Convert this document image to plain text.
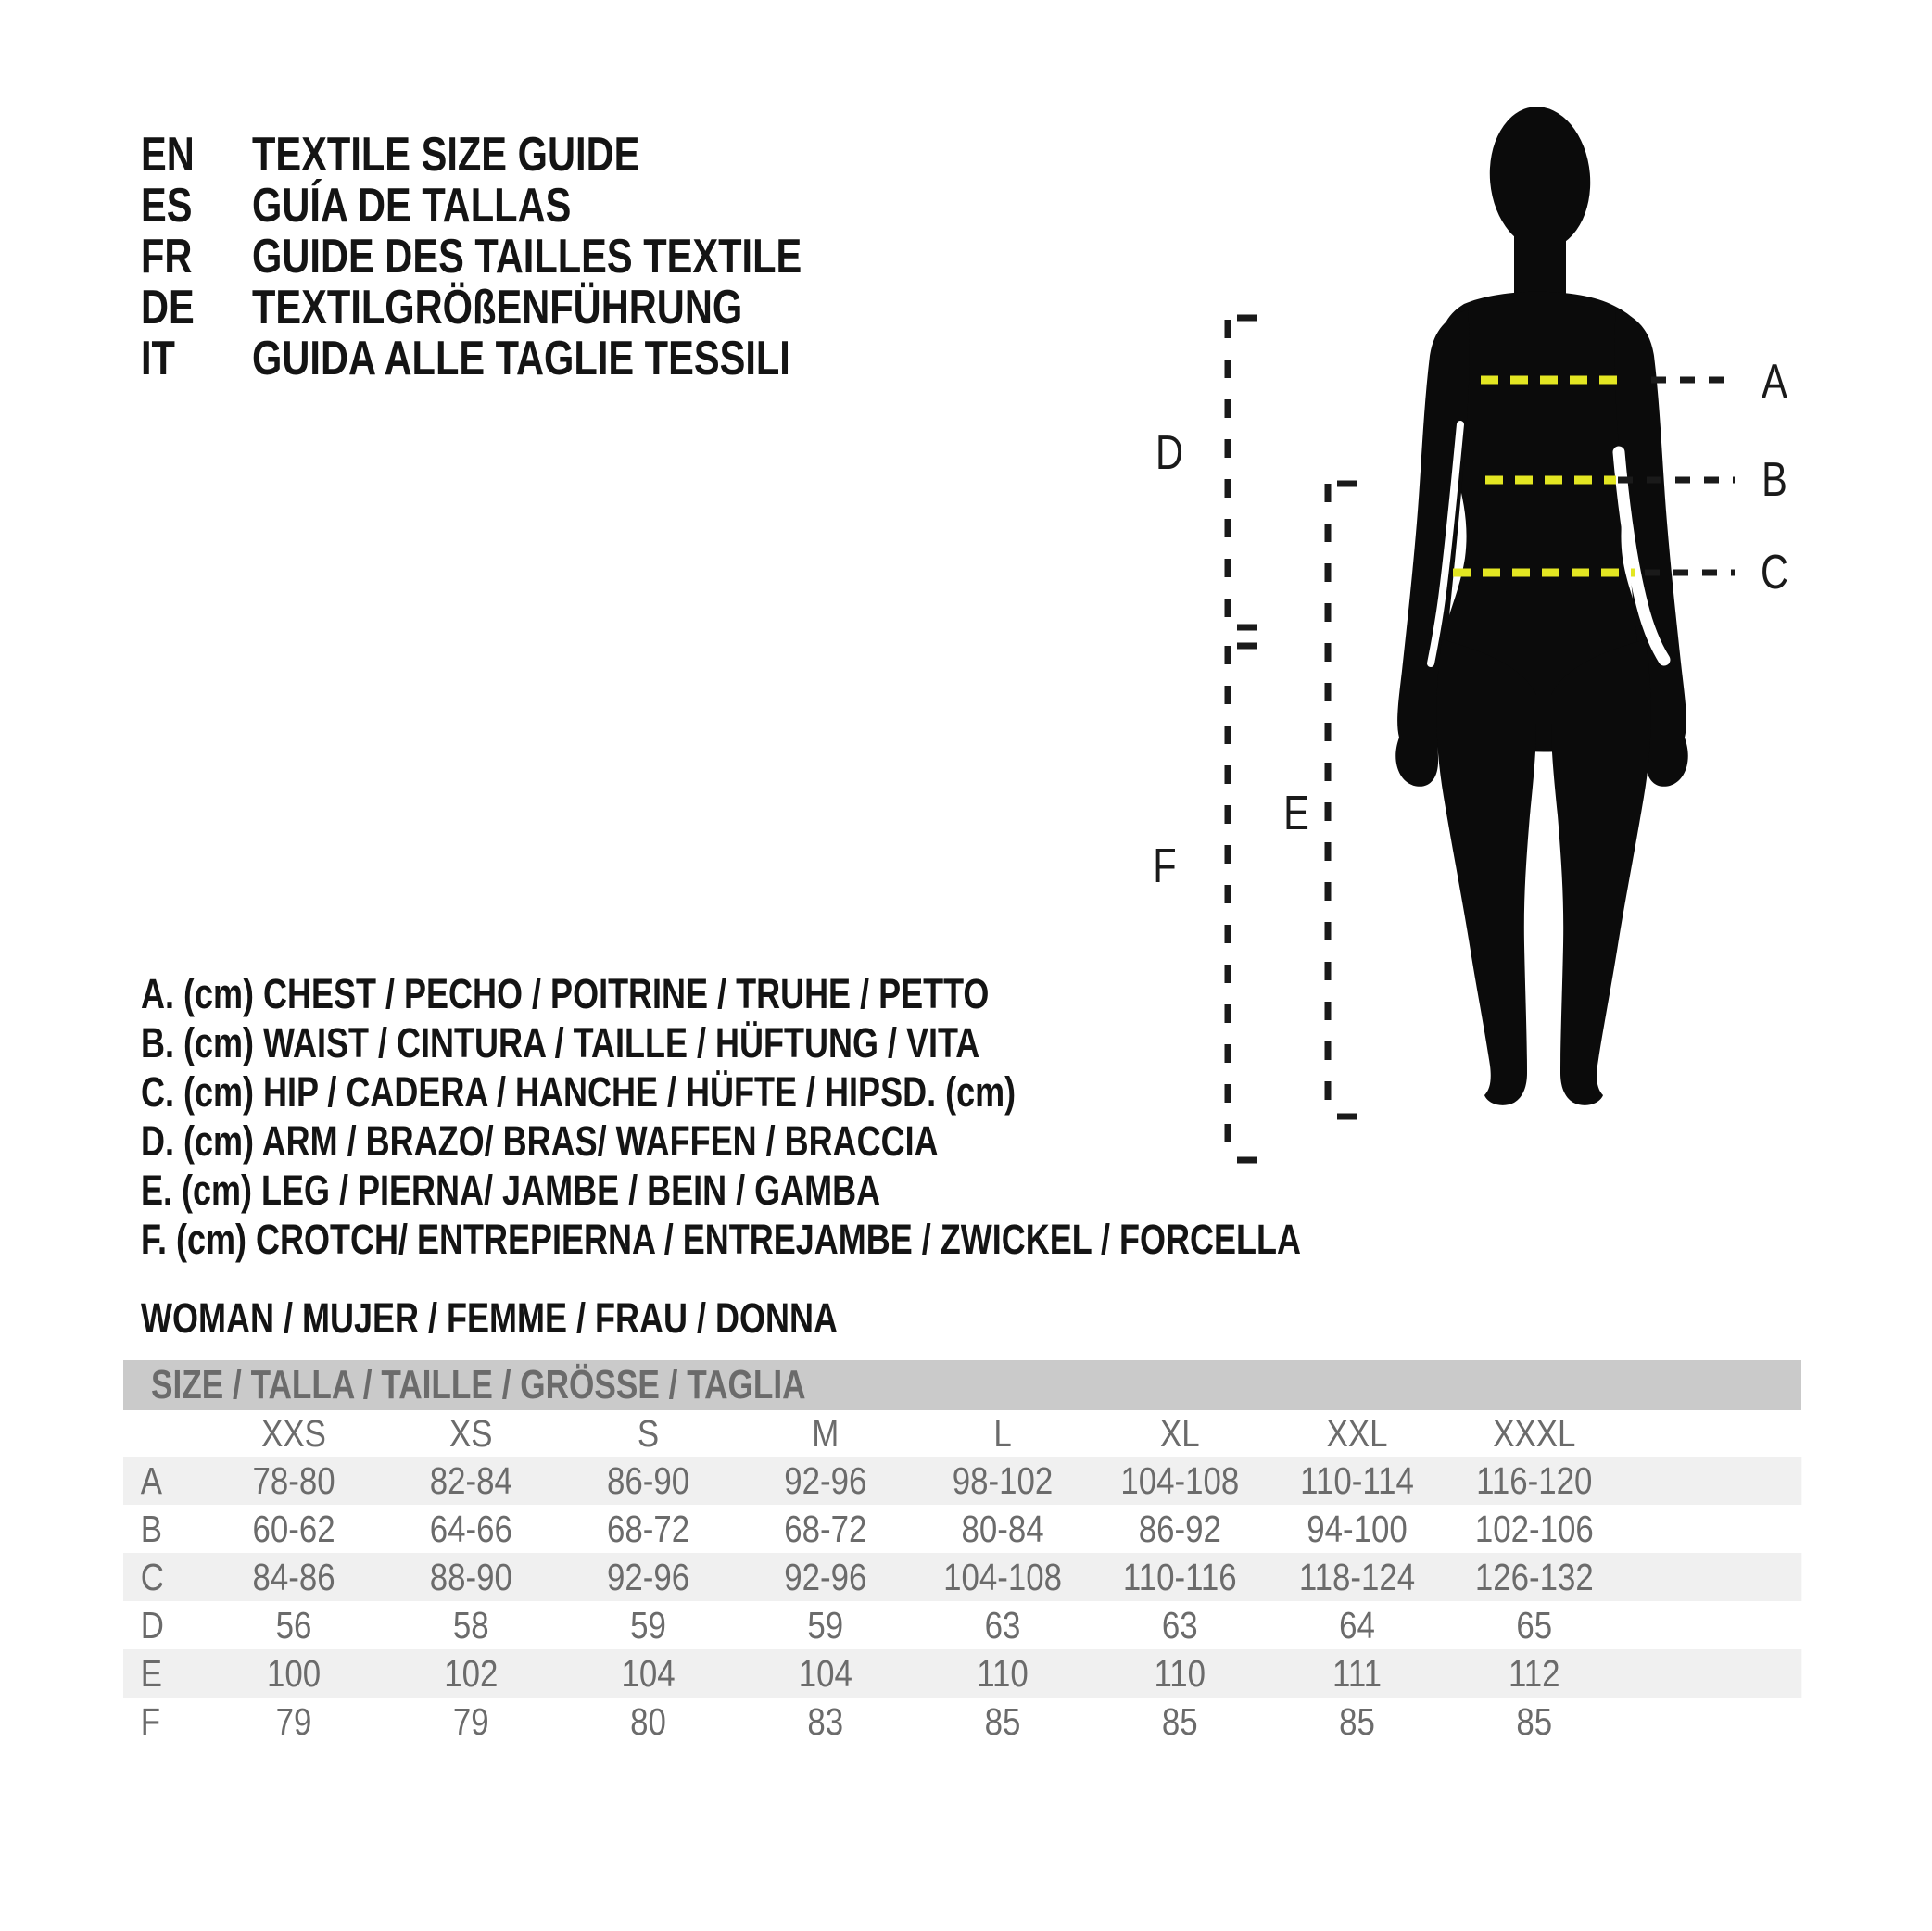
EN TEXTILE SIZE GUIDE
ES GUÍA DE TALLAS
FR GUIDE DES TAILLES TEXTILE
DE TEXTILGRÖßENFÜHRUNG
IT GUIDA ALLE TAGLIE TESSILI	A
B
C
D
E
F
A. (cm) CHEST / PECHO / POITRINE / TRUHE / PETTO
B. (cm) WAIST / CINTURA / TAILLE / HÜFTUNG / VITA
C. (cm) HIP / CADERA / HANCHE / HÜFTE / HIPSD. (cm)
D. (cm) ARM / BRAZO/ BRAS/ WAFFEN / BRACCIA
E. (cm) LEG / PIERNA/ JAMBE / BEIN / GAMBA
F. (cm) CROTCH/ ENTREPIERNA / ENTREJAMBE / ZWICKEL / FORCELLA
WOMAN / MUJER / FEMME / FRAU / DONNA
SIZE / TALLA / TAILLE / GRÖSSE / TAGLIA
XXS	XS	S	M	L	XL	XXL	XXXL
A	78-80	82-84	86-90	92-96	98-102	104-108	110-114	116-120
B	60-62	64-66	68-72	68-72	80-84	86-92	94-100	102-106
C	84-86	88-90	92-96	92-96	104-108	110-116	118-124	126-132
D	56	58	59	59	63	63	64	65
E	100	102	104	104	110	110	111	112
F	79	79	80	83	85	85	85	85
